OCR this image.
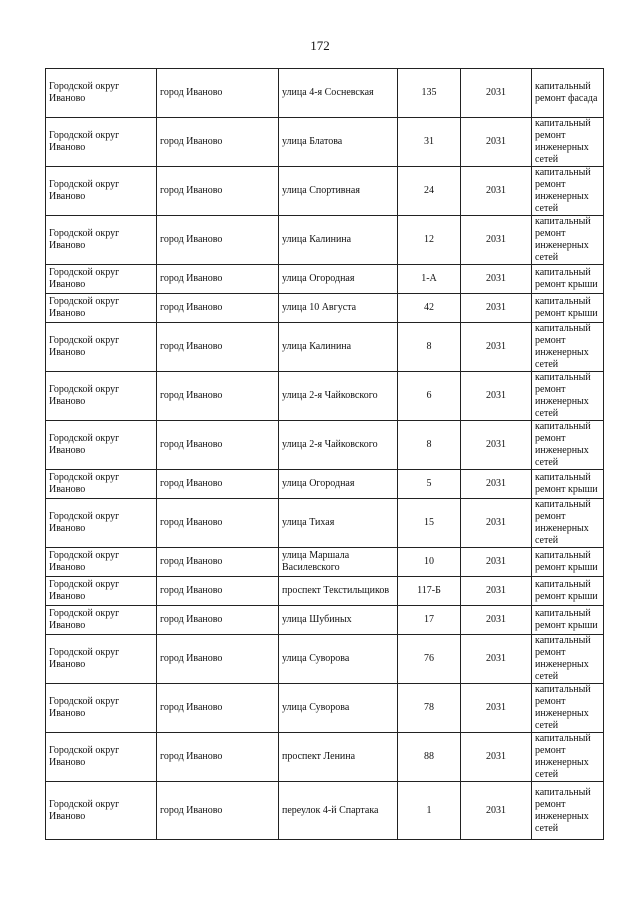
172
Городской округ Иваново	город Иваново	улица 4-я Сосневская	135	2031	капитальный ремонт фасада
Городской округ Иваново	город Иваново	улица Блатова	31	2031	капитальный ремонт инженерных сетей
Городской округ Иваново	город Иваново	улица Спортивная	24	2031	капитальный ремонт инженерных сетей
Городской округ Иваново	город Иваново	улица Калинина	12	2031	капитальный ремонт инженерных сетей
Городской округ Иваново	город Иваново	улица Огородная	1-А	2031	капитальный ремонт крыши
Городской округ Иваново	город Иваново	улица 10 Августа	42	2031	капитальный ремонт крыши
Городской округ Иваново	город Иваново	улица Калинина	8	2031	капитальный ремонт инженерных сетей
Городской округ Иваново	город Иваново	улица 2-я Чайковского	6	2031	капитальный ремонт инженерных сетей
Городской округ Иваново	город Иваново	улица 2-я Чайковского	8	2031	капитальный ремонт инженерных сетей
Городской округ Иваново	город Иваново	улица Огородная	5	2031	капитальный ремонт крыши
Городской округ Иваново	город Иваново	улица Тихая	15	2031	капитальный ремонт инженерных сетей
Городской округ Иваново	город Иваново	улица Маршала Василевского	10	2031	капитальный ремонт крыши
Городской округ Иваново	город Иваново	проспект Текстильщиков	117-Б	2031	капитальный ремонт крыши
Городской округ Иваново	город Иваново	улица Шубиных	17	2031	капитальный ремонт крыши
Городской округ Иваново	город Иваново	улица Суворова	76	2031	капитальный ремонт инженерных сетей
Городской округ Иваново	город Иваново	улица Суворова	78	2031	капитальный ремонт инженерных сетей
Городской округ Иваново	город Иваново	проспект Ленина	88	2031	капитальный ремонт инженерных сетей
Городской округ Иваново	город Иваново	переулок 4-й Спартака	1	2031	капитальный ремонт инженерных сетей
